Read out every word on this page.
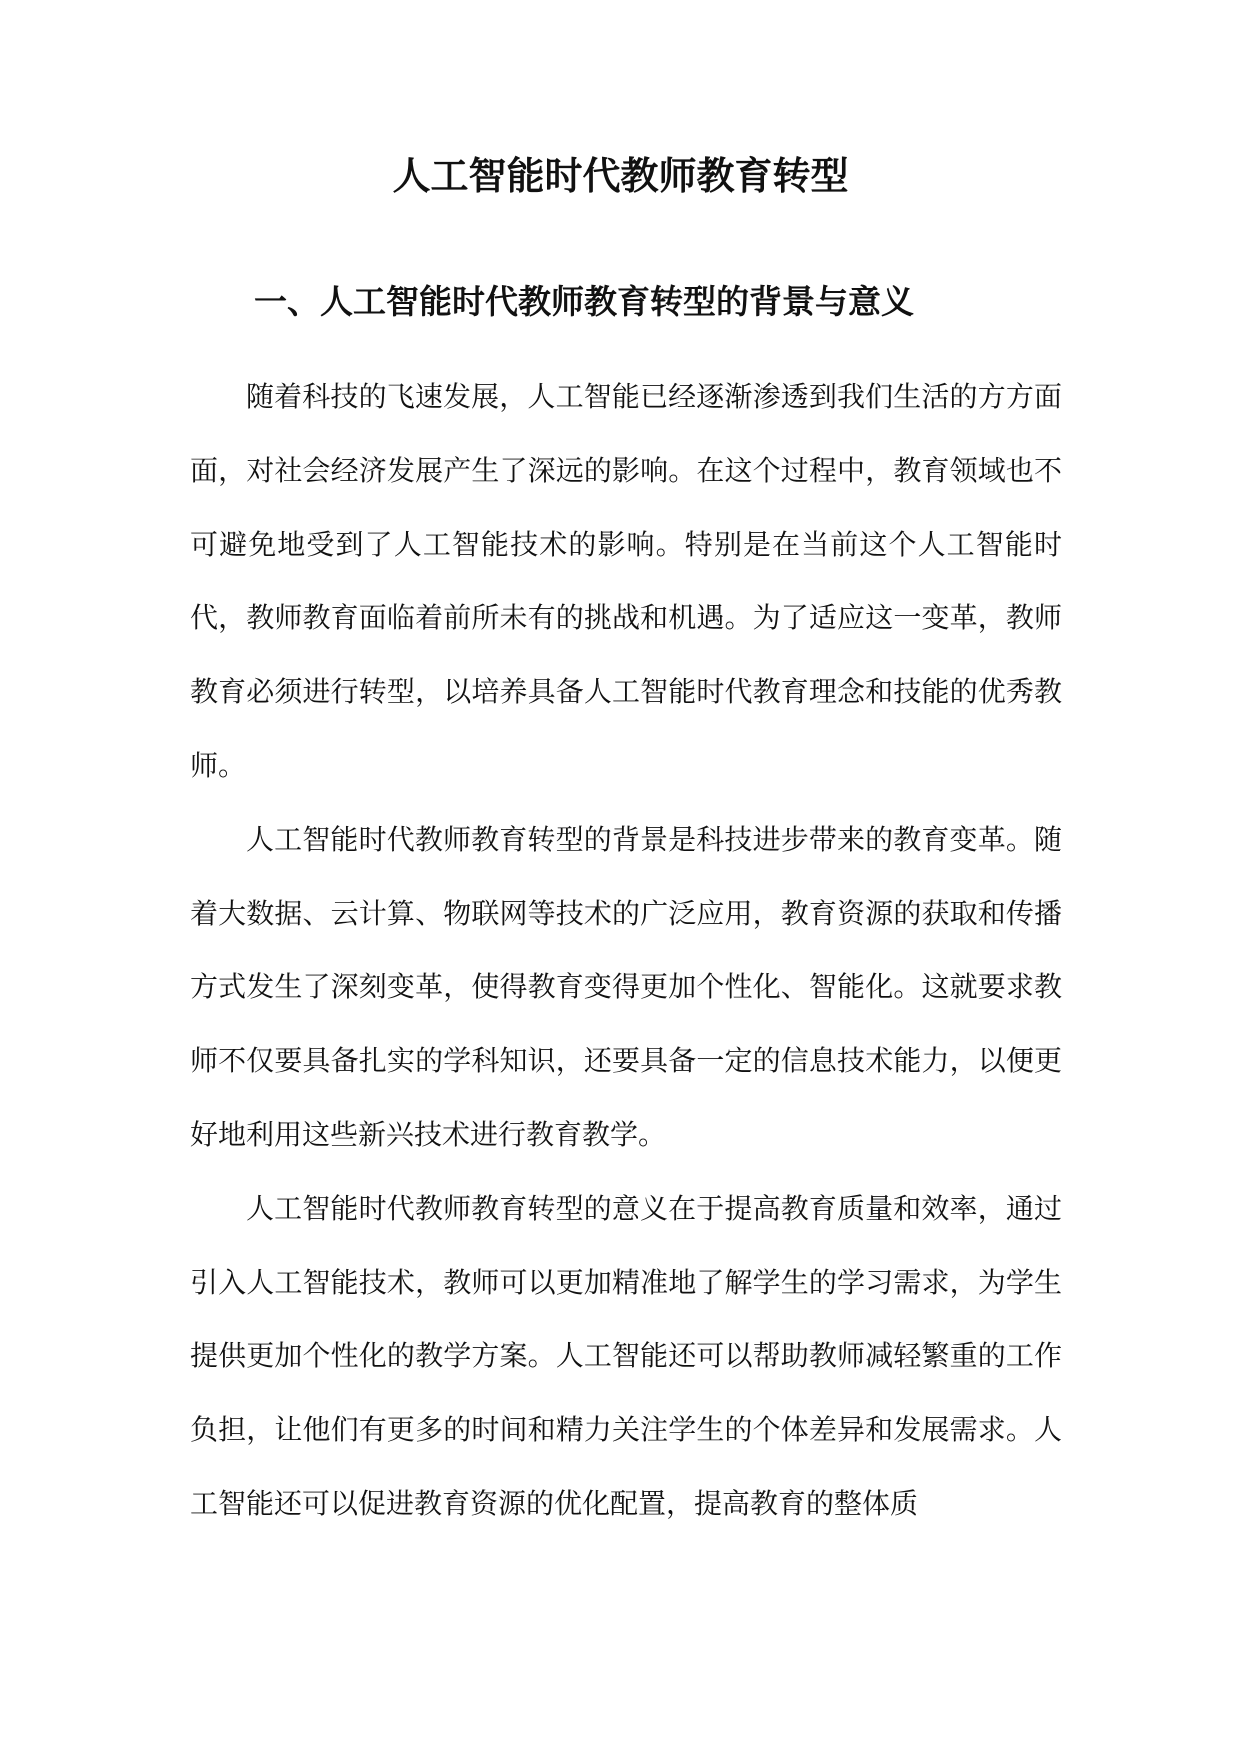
人工智能时代教师教育转型
一、人工智能时代教师教育转型的背景与意义

随着科技的飞速发展，人工智能已经逐渐渗透到我们生活的方方面面，对社会经济发展产生了深远的影响。在这个过程中，教育领域也不可避免地受到了人工智能技术的影响。特别是在当前这个人工智能时代，教师教育面临着前所未有的挑战和机遇。为了适应这一变革，教师教育必须进行转型，以培养具备人工智能时代教育理念和技能的优秀教师。

人工智能时代教师教育转型的背景是科技进步带来的教育变革。随着大数据、云计算、物联网等技术的广泛应用，教育资源的获取和传播方式发生了深刻变革，使得教育变得更加个性化、智能化。这就要求教师不仅要具备扎实的学科知识，还要具备一定的信息技术能力，以便更好地利用这些新兴技术进行教育教学。

人工智能时代教师教育转型的意义在于提高教育质量和效率，通过引入人工智能技术，教师可以更加精准地了解学生的学习需求，为学生提供更加个性化的教学方案。人工智能还可以帮助教师减轻繁重的工作负担，让他们有更多的时间和精力关注学生的个体差异和发展需求。人工智能还可以促进教育资源的优化配置，提高教育的整体质
